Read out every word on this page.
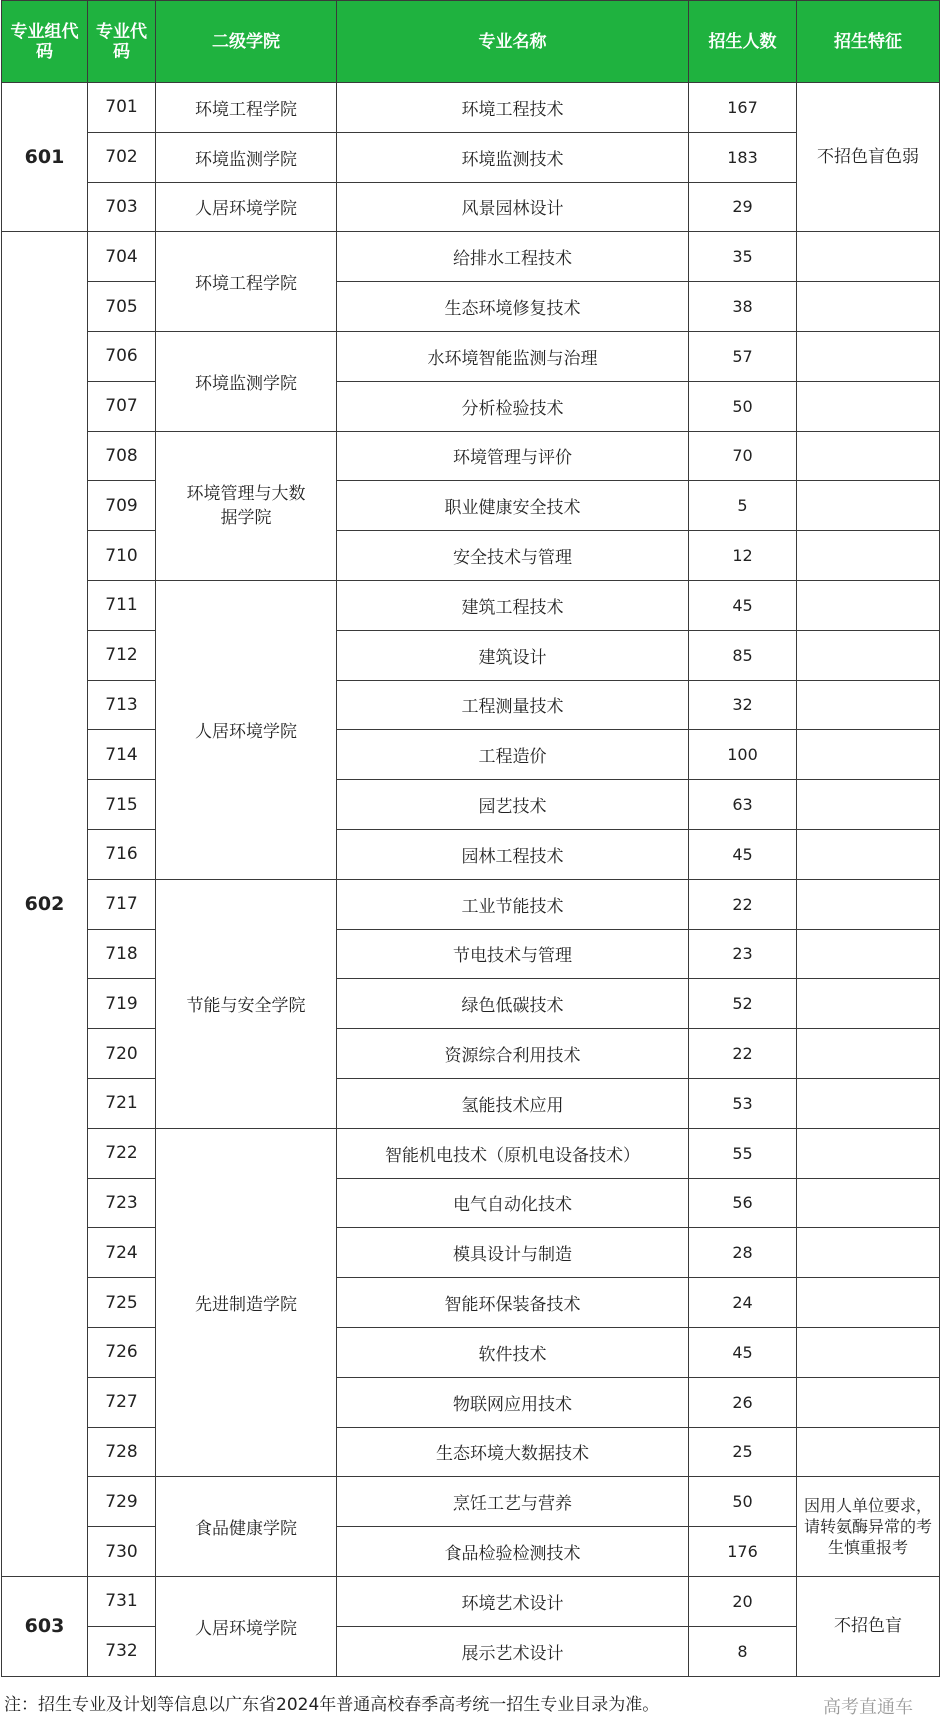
专业组代码	专业代码	二级学院	专业名称	招生人数	招生特征
601	701	环境工程学院	环境工程技术	167	不招色盲色弱
	702	环境监测学院	环境监测技术	183	
	703	人居环境学院	风景园林设计	29	
602	704	环境工程学院	给排水工程技术	35	
	705		生态环境修复技术	38	
	706	环境监测学院	水环境智能监测与治理	57	
	707		分析检验技术	50	
	708	环境管理与大数据学院	环境管理与评价	70	
	709		职业健康安全技术	5	
	710		安全技术与管理	12	
	711	人居环境学院	建筑工程技术	45	
	712		建筑设计	85	
	713		工程测量技术	32	
	714		工程造价	100	
	715		园艺技术	63	
	716		园林工程技术	45	
	717	节能与安全学院	工业节能技术	22	
	718		节电技术与管理	23	
	719		绿色低碳技术	52	
	720		资源综合利用技术	22	
	721		氢能技术应用	53	
	722	先进制造学院	智能机电技术（原机电设备技术）	55	
	723		电气自动化技术	56	
	724		模具设计与制造	28	
	725		智能环保装备技术	24	
	726		软件技术	45	
	727		物联网应用技术	26	
	728		生态环境大数据技术	25	
	729	食品健康学院	烹饪工艺与营养	50	因用人单位要求，请转氨酶异常的考生慎重报考
	730		食品检验检测技术	176	
603	731	人居环境学院	环境艺术设计	20	不招色盲
	732		展示艺术设计	8	
注：招生专业及计划等信息以广东省2024年普通高校春季高考统一招生专业目录为准。	高考直通车
